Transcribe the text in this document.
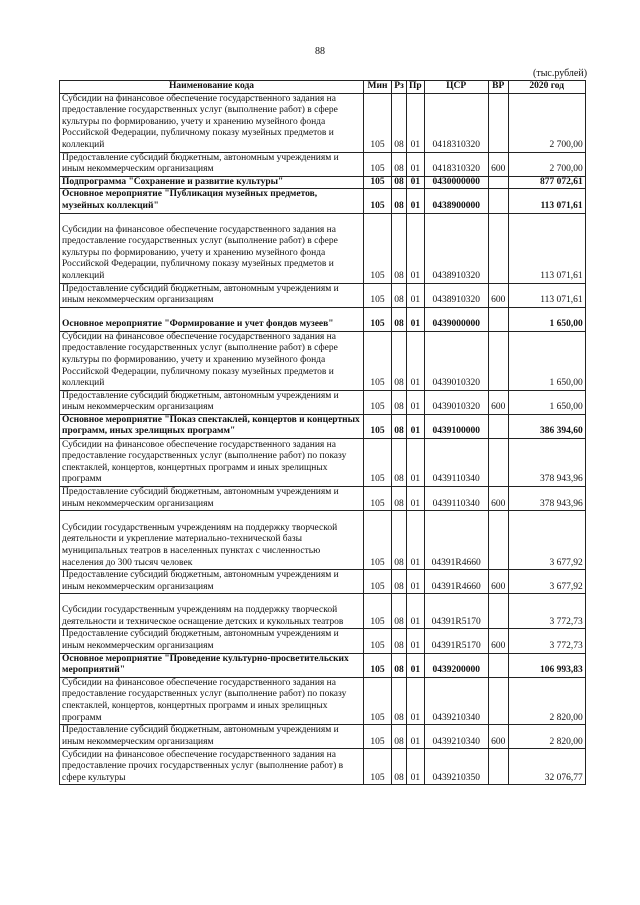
88
(тыс.рублей)
Наименование кода	Мин	Рз	Пр	ЦСР	ВР	2020 год
Субсидии на финансовое обеспечение государственного задания на предоставление государственных услуг (выполнение работ) в сфере культуры по формированию, учету и хранению музейного фонда Российской Федерации, публичному показу музейных предметов и коллекций	105	08	01	0418310320		2 700,00
Предоставление субсидий бюджетным, автономным учреждениям и иным некоммерческим организациям	105	08	01	0418310320	600	2 700,00
Подпрограмма "Сохранение и развитие культуры"	105	08	01	0430000000		877 072,61
Основное мероприятие "Публикация музейных предметов, музейных коллекций"	105	08	01	0438900000		113 071,61
Субсидии на финансовое обеспечение государственного задания на предоставление государственных услуг (выполнение работ) в сфере культуры по формированию, учету и хранению музейного фонда Российской Федерации, публичному показу музейных предметов и коллекций	105	08	01	0438910320		113 071,61
Предоставление субсидий бюджетным, автономным учреждениям и иным некоммерческим организациям	105	08	01	0438910320	600	113 071,61
Основное мероприятие "Формирование и учет фондов музеев"	105	08	01	0439000000		1 650,00
Субсидии на финансовое обеспечение государственного задания на предоставление государственных услуг (выполнение работ) в сфере культуры по формированию, учету и хранению музейного фонда Российской Федерации, публичному показу музейных предметов и коллекций	105	08	01	0439010320		1 650,00
Предоставление субсидий бюджетным, автономным учреждениям и иным некоммерческим организациям	105	08	01	0439010320	600	1 650,00
Основное мероприятие "Показ спектаклей, концертов и концертных программ, иных зрелищных программ"	105	08	01	0439100000		386 394,60
Субсидии на финансовое обеспечение государственного задания на предоставление государственных услуг (выполнение работ) по показу спектаклей, концертов, концертных программ и иных зрелищных программ	105	08	01	0439110340		378 943,96
Предоставление субсидий бюджетным, автономным учреждениям и иным некоммерческим организациям	105	08	01	0439110340	600	378 943,96
Субсидии государственным учреждениям на поддержку творческой деятельности и укрепление материально-технической базы муниципальных театров в населенных пунктах с численностью населения до 300 тысяч человек	105	08	01	04391R4660		3 677,92
Предоставление субсидий бюджетным, автономным учреждениям и иным некоммерческим организациям	105	08	01	04391R4660	600	3 677,92
Субсидии государственным учреждениям на поддержку творческой деятельности и техническое оснащение детских и кукольных театров	105	08	01	04391R5170		3 772,73
Предоставление субсидий бюджетным, автономным учреждениям и иным некоммерческим организациям	105	08	01	04391R5170	600	3 772,73
Основное мероприятие "Проведение культурно-просветительских мероприятий"	105	08	01	0439200000		106 993,83
Субсидии на финансовое обеспечение государственного задания на предоставление государственных услуг (выполнение работ) по показу спектаклей, концертов, концертных программ и иных зрелищных программ	105	08	01	0439210340		2 820,00
Предоставление субсидий бюджетным, автономным учреждениям и иным некоммерческим организациям	105	08	01	0439210340	600	2 820,00
Субсидии на финансовое обеспечение государственного задания на предоставление прочих государственных услуг (выполнение работ) в сфере культуры	105	08	01	0439210350		32 076,77
